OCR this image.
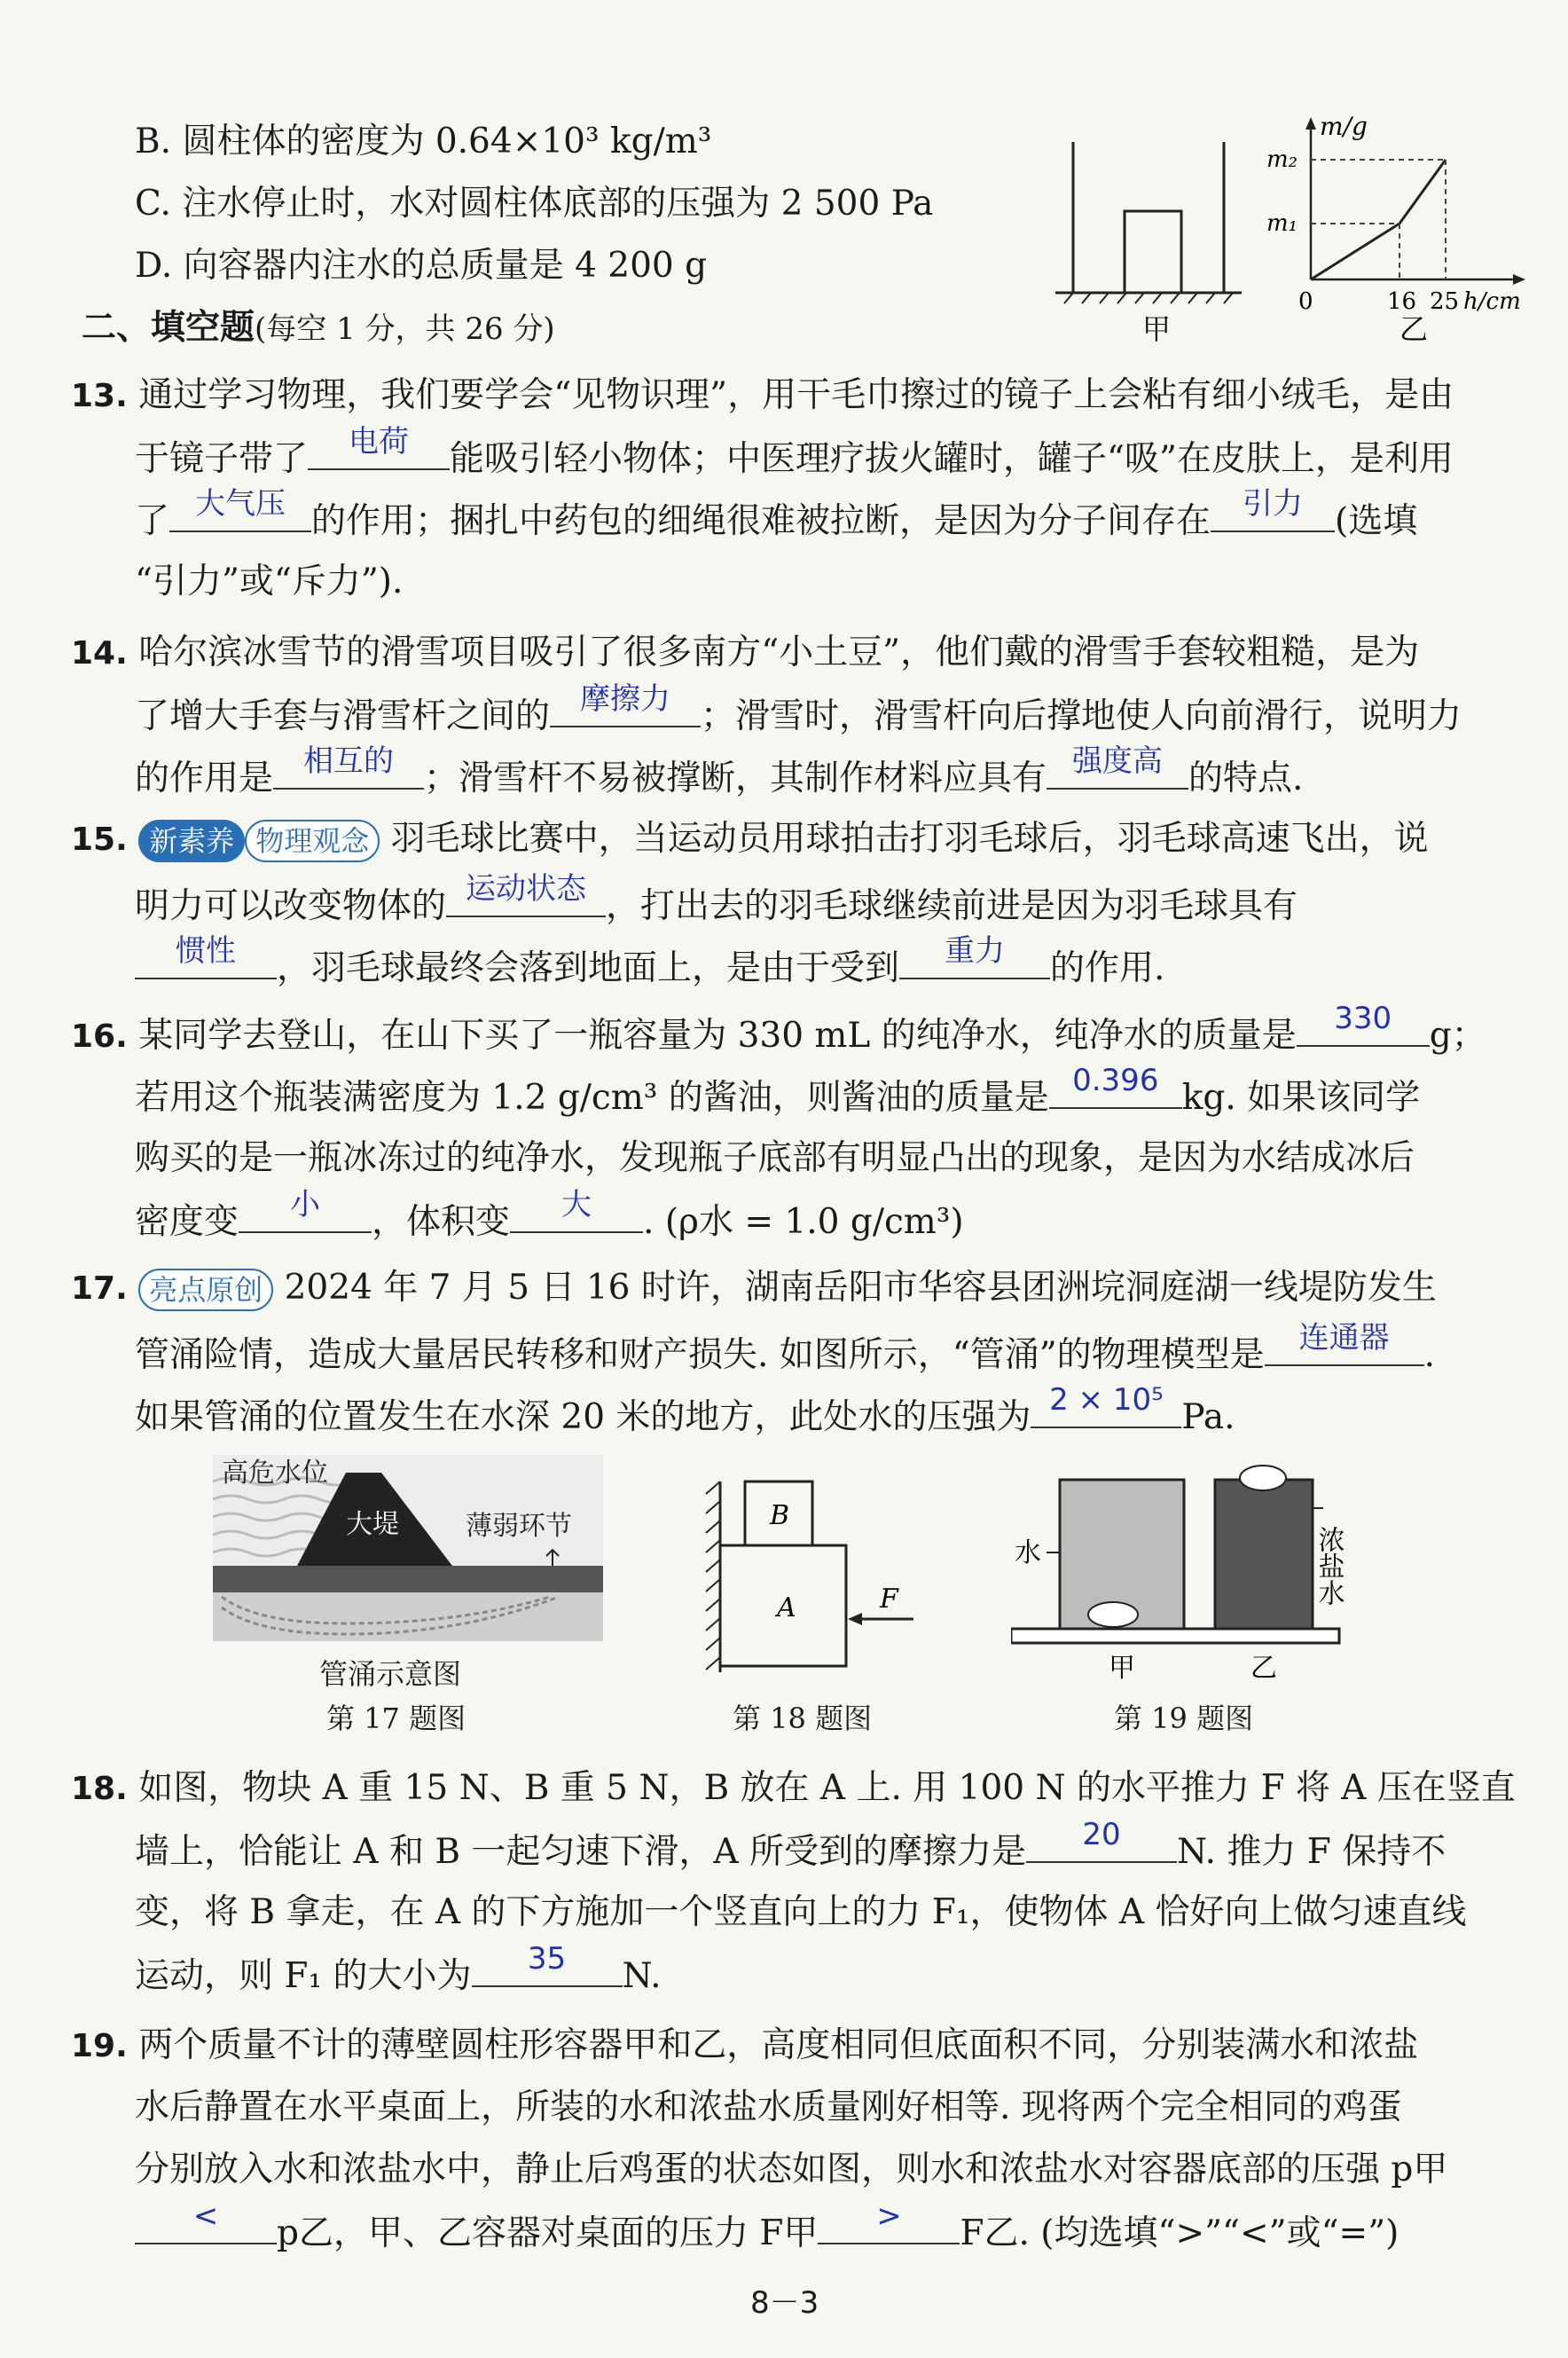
B. 圆柱体的密度为 0.64×10³ kg/m³
C. 注水停止时，水对圆柱体底部的压强为 2 500 Pa
D. 向容器内注水的总质量是 4 200 g
甲
m/g
m₂
m₁
0	16 25 h/cm
乙
二、填空题(每空 1 分，共 26 分)
13. 通过学习物理，我们要学会“见物识理”，用干毛巾擦过的镜子上会粘有细小绒毛，是由
于镜子带了	电荷	能吸引轻小物体；中医理疗拔火罐时，罐子“吸”在皮肤上，是利用
了 大气压 的作用；捆扎中药包的细绳很难被拉断，是因为分子间存在	引力 (选填
“引力”或“斥力”).
14. 哈尔滨冰雪节的滑雪项目吸引了很多南方“小土豆”，他们戴的滑雪手套较粗糙，是为
了增大手套与滑雪杆之间的	摩擦力 ；滑雪时，滑雪杆向后撑地使人向前滑行，说明力
的作用是	相互的 ；滑雪杆不易被撑断，其制作材料应具有 强度高 的特点.
15. 新素养 物理观念 羽毛球比赛中，当运动员用球拍击打羽毛球后，羽毛球高速飞出，说
明力可以改变物体的 运动状态 ，打出去的羽毛球继续前进是因为羽毛球具有
惯性	，羽毛球最终会落到地面上，是由于受到	重力	的作用.
16. 某同学去登山，在山下买了一瓶容量为 330 mL 的纯净水，纯净水的质量是	330	g；
若用这个瓶装满密度为 1.2 g/cm³ 的酱油，则酱油的质量是 0.396 kg. 如果该同学
购买的是一瓶冰冻过的纯净水，发现瓶子底部有明显凸出的现象，是因为水结成冰后
密度变	小	，体积变	大	. (ρ水 = 1.0 g/cm³)
17. 亮点原创 2024 年 7 月 5 日 16 时许，湖南岳阳市华容县团洲垸洞庭湖一线堤防发生
管涌险情，造成大量居民转移和财产损失. 如图所示，“管涌”的物理模型是	连通器	.
如果管涌的位置发生在水深 20 米的地方，此处水的压强为 2 × 10⁵ Pa.
高危水位
大堤	薄弱环节
管涌示意图
第 17 题图
B
A	F
第 18 题图
水	浓盐水
甲	乙
第 19 题图
18. 如图，物块 A 重 15 N、B 重 5 N，B 放在 A 上. 用 100 N 的水平推力 F 将 A 压在竖直
墙上，恰能让 A 和 B 一起匀速下滑，A 所受到的摩擦力是	20	N. 推力 F 保持不
变，将 B 拿走，在 A 的下方施加一个竖直向上的力 F₁，使物体 A 恰好向上做匀速直线
运动，则 F₁ 的大小为	35	N.
19. 两个质量不计的薄壁圆柱形容器甲和乙，高度相同但底面积不同，分别装满水和浓盐
水后静置在水平桌面上，所装的水和浓盐水质量刚好相等. 现将两个完全相同的鸡蛋
分别放入水和浓盐水中，静止后鸡蛋的状态如图，则水和浓盐水对容器底部的压强 p甲
<	p乙，甲、乙容器对桌面的压力 F甲	>	F乙. (均选填“>”“<”或“=”)
8－3
